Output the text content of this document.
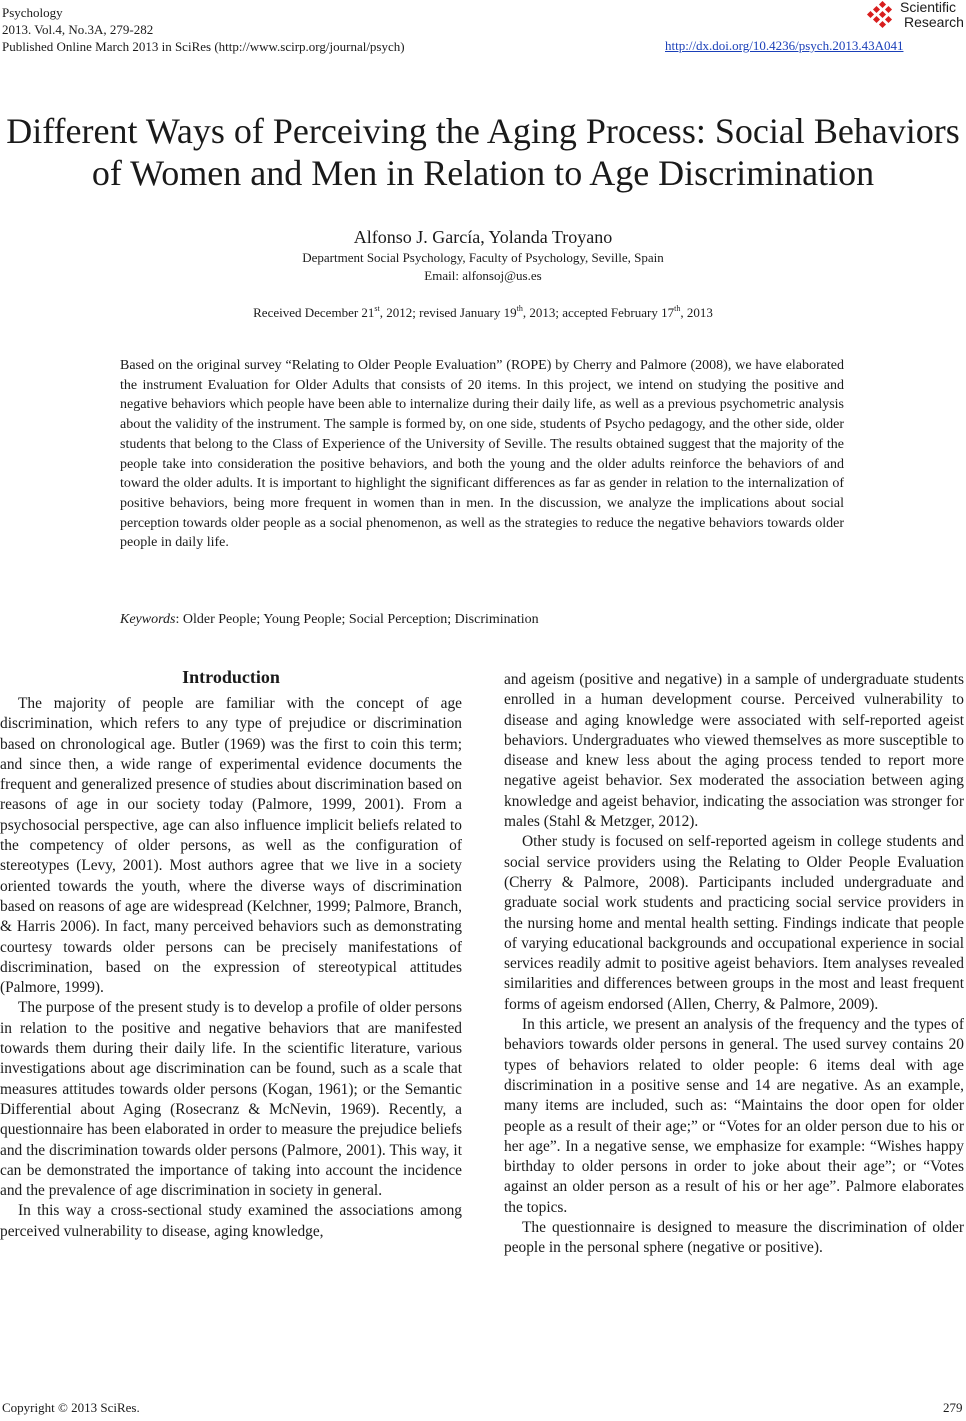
Psychology
2013. Vol.4, No.3A, 279-282
Published Online March 2013 in SciRes (http://www.scirp.org/journal/psych)	http://dx.doi.org/10.4236/psych.2013.43A041
Scientific
Research
Different Ways of Perceiving the Aging Process: Social Behaviors of Women and Men in Relation to Age Discrimination
Alfonso J. García, Yolanda Troyano
Department Social Psychology, Faculty of Psychology, Seville, Spain
Email: alfonsoj@us.es
Received December 21st, 2012; revised January 19th, 2013; accepted February 17th, 2013
Based on the original survey “Relating to Older People Evaluation” (ROPE) by Cherry and Palmore (2008), we have elaborated the instrument Evaluation for Older Adults that consists of 20 items. In this project, we intend on studying the positive and negative behaviors which people have been able to internalize during their daily life, as well as a previous psychometric analysis about the validity of the instrument. The sample is formed by, on one side, students of Psycho pedagogy, and the other side, older students that belong to the Class of Experience of the University of Seville. The results obtained suggest that the majority of the people take into consideration the positive behaviors, and both the young and the older adults reinforce the behaviors of and toward the older adults. It is important to highlight the significant differences as far as gender in relation to the internalization of positive behaviors, being more frequent in women than in men. In the discussion, we analyze the implications about social perception towards older people as a social phenomenon, as well as the strategies to reduce the negative behaviors towards older people in daily life.
Keywords: Older People; Young People; Social Perception; Discrimination
Introduction

The majority of people are familiar with the concept of age discrimination, which refers to any type of prejudice or discrimination based on chronological age. Butler (1969) was the first to coin this term; and since then, a wide range of experimental evidence documents the frequent and generalized presence of studies about discrimination based on reasons of age in our society today (Palmore, 1999, 2001). From a psychosocial perspective, age can also influence implicit beliefs related to the competency of older persons, as well as the configuration of stereotypes (Levy, 2001). Most authors agree that we live in a society oriented towards the youth, where the diverse ways of discrimination based on reasons of age are widespread (Kelchner, 1999; Palmore, Branch, & Harris 2006). In fact, many perceived behaviors such as demonstrating courtesy towards older persons can be precisely manifestations of discrimination, based on the expression of stereotypical attitudes (Palmore, 1999).

The purpose of the present study is to develop a profile of older persons in relation to the positive and negative behaviors that are manifested towards them during their daily life. In the scientific literature, various investigations about age discrimination can be found, such as a scale that measures attitudes towards older persons (Kogan, 1961); or the Semantic Differential about Aging (Rosecranz & McNevin, 1969). Recently, a questionnaire has been elaborated in order to measure the prejudice beliefs and the discrimination towards older persons (Palmore, 2001). This way, it can be demonstrated the importance of taking into account the incidence and the prevalence of age discrimination in society in general.

In this way a cross-sectional study examined the associations among perceived vulnerability to disease, aging knowledge,

and ageism (positive and negative) in a sample of undergraduate students enrolled in a human development course. Perceived vulnerability to disease and aging knowledge were associated with self-reported ageist behaviors. Undergraduates who viewed themselves as more susceptible to disease and knew less about the aging process tended to report more negative ageist behavior. Sex moderated the association between aging knowledge and ageist behavior, indicating the association was stronger for males (Stahl & Metzger, 2012).

Other study is focused on self-reported ageism in college students and social service providers using the Relating to Older People Evaluation (Cherry & Palmore, 2008). Participants included undergraduate and graduate social work students and practicing social service providers in the nursing home and mental health setting. Findings indicate that people of varying educational backgrounds and occupational experience in social services readily admit to positive ageist behaviors. Item analyses revealed similarities and differences between groups in the most and least frequent forms of ageism endorsed (Allen, Cherry, & Palmore, 2009).

In this article, we present an analysis of the frequency and the types of behaviors towards older persons in general. The used survey contains 20 types of behaviors related to older people: 6 items deal with age discrimination in a positive sense and 14 are negative. As an example, many items are included, such as: “Maintains the door open for older people as a result of their age;” or “Votes for an older person due to his or her age”. In a negative sense, we emphasize for example: “Wishes happy birthday to older persons in order to joke about their age”; or “Votes against an older person as a result of his or her age”. Palmore elaborates the topics.

The questionnaire is designed to measure the discrimination of older people in the personal sphere (negative or positive).

Copyright © 2013 SciRes.	279
